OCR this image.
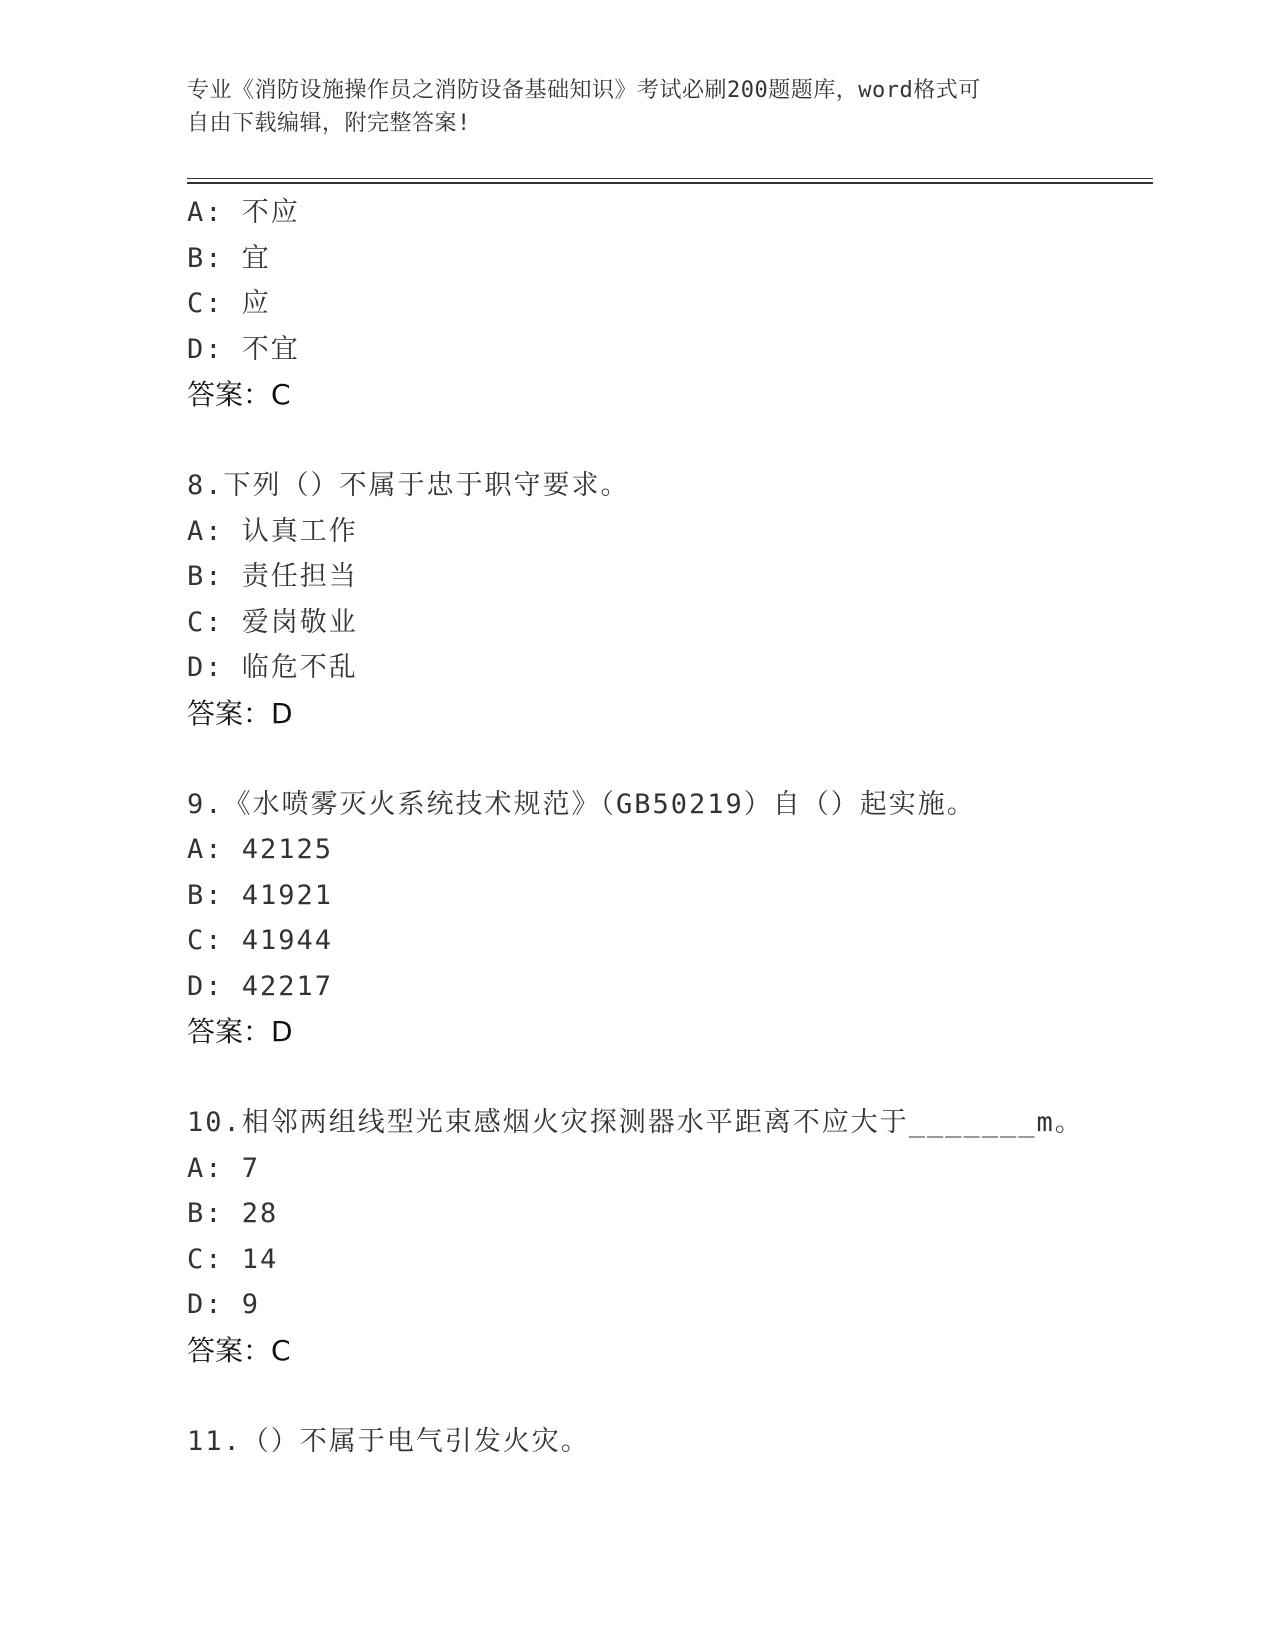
专业《消防设施操作员之消防设备基础知识》考试必刷200题题库，word格式可
自由下载编辑，附完整答案!
A: 不应
B: 宜
C: 应
D: 不宜
答案：C
8.下列（）不属于忠于职守要求。
A: 认真工作
B: 责任担当
C: 爱岗敬业
D: 临危不乱
答案：D
9.《水喷雾灭火系统技术规范》（GB50219）自（）起实施。
A: 42125
B: 41921
C: 41944
D: 42217
答案：D
10.相邻两组线型光束感烟火灾探测器水平距离不应大于_______m。
A: 7
B: 28
C: 14
D: 9
答案：C
11.（）不属于电气引发火灾。
